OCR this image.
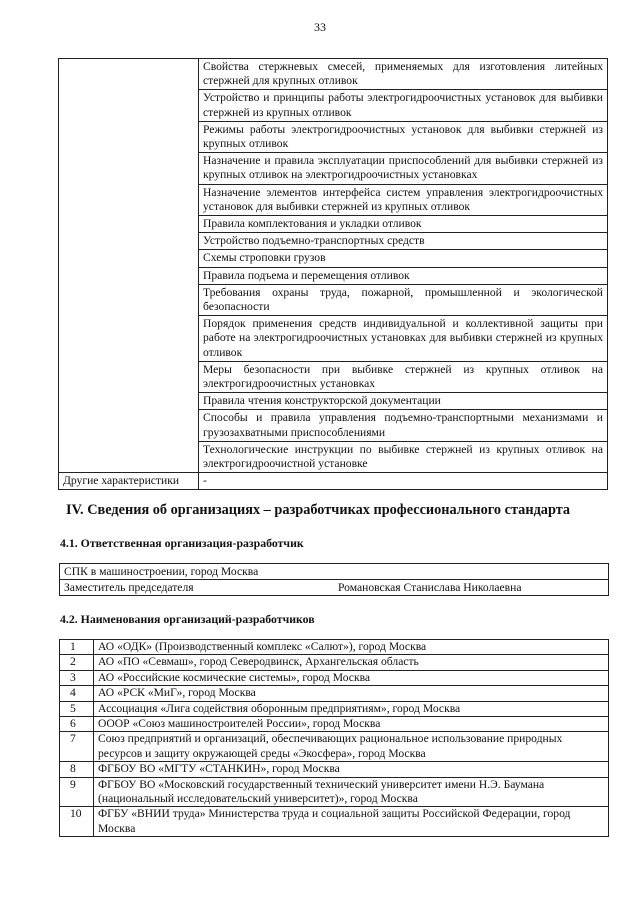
33
	Свойства стержневых смесей, применяемых для изготовления литейных стержней для крупных отливок
	Устройство и принципы работы электрогидроочистных установок для выбивки стержней из крупных отливок
	Режимы работы электрогидроочистных установок для выбивки стержней из крупных отливок
	Назначение и правила эксплуатации приспособлений для выбивки стержней из крупных отливок на электрогидроочистных установках
	Назначение элементов интерфейса систем управления электрогидроочистных установок для выбивки стержней из крупных отливок
	Правила комплектования и укладки отливок
	Устройство подъемно-транспортных средств
	Схемы строповки грузов
	Правила подъема и перемещения отливок
	Требования охраны труда, пожарной, промышленной и экологической безопасности
	Порядок применения средств индивидуальной и коллективной защиты при работе на электрогидроочистных установках для выбивки стержней из крупных отливок
	Меры безопасности при выбивке стержней из крупных отливок на электрогидроочистных установках
	Правила чтения конструкторской документации
	Способы и правила управления подъемно-транспортными механизмами и грузозахватными приспособлениями
	Технологические инструкции по выбивке стержней из крупных отливок на электрогидроочистной установке
Другие характеристики	-
IV. Сведения об организациях – разработчиках профессионального стандарта
4.1. Ответственная организация-разработчик
СПК в машиностроении, город Москва
Заместитель председателя	Романовская Станислава Николаевна
4.2. Наименования организаций-разработчиков
1	АО «ОДК» (Производственный комплекс «Салют»), город Москва
2	АО «ПО «Севмаш», город Северодвинск, Архангельская область
3	АО «Российские космические системы», город Москва
4	АО «РСК «МиГ», город Москва
5	Ассоциация «Лига содействия оборонным предприятиям», город Москва
6	ООOР «Союз машиностроителей России», город Москва
7	Союз предприятий и организаций, обеспечивающих рациональное использование природных ресурсов и защиту окружающей среды «Экосфера», город Москва
8	ФГБОУ ВО «МГТУ «СТАНКИН», город Москва
9	ФГБОУ ВО «Московский государственный технический университет имени Н.Э. Баумана (национальный исследовательский университет)», город Москва
10	ФГБУ «ВНИИ труда» Министерства труда и социальной защиты Российской Федерации, город Москва
